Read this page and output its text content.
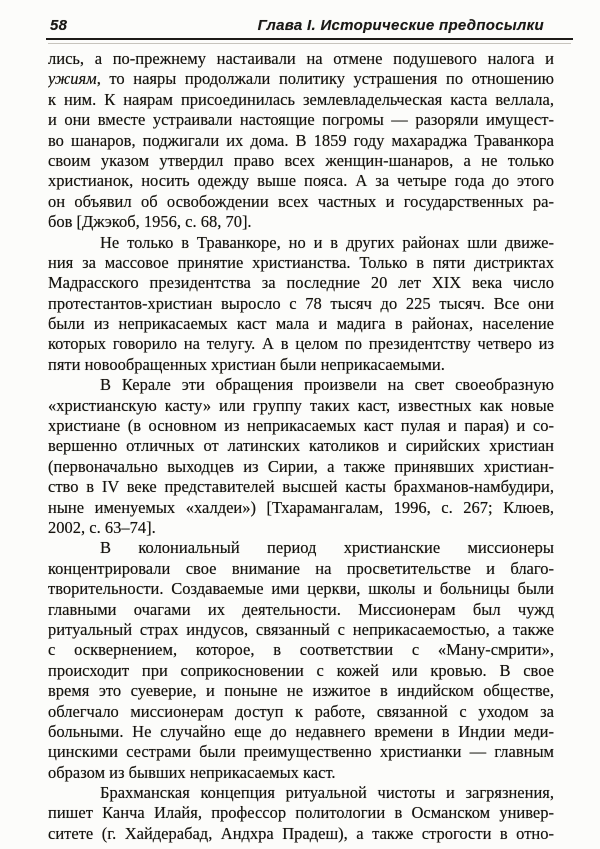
58	Глава I. Исторические предпосылки
лись, а по-прежнему настаивали на отмене подушевого налога и
ужиям, то наяры продолжали политику устрашения по отношению
к ним. К наярам присоединилась землевладельческая каста веллала,
и они вместе устраивали настоящие погромы — разоряли имущест-
во шанаров, поджигали их дома. В 1859 году махараджа Траванкора
своим указом утвердил право всех женщин-шанаров, а не только
христианок, носить одежду выше пояса. А за четыре года до этого
он объявил об освобождении всех частных и государственных ра-
бов [Джэкоб, 1956, с. 68, 70].
Не только в Траванкоре, но и в других районах шли движе-
ния за массовое принятие христианства. Только в пяти дистриктах
Мадрасского президентства за последние 20 лет XIX века число
протестантов-христиан выросло с 78 тысяч до 225 тысяч. Все они
были из неприкасаемых каст мала и мадига в районах, население
которых говорило на телугу. А в целом по президентству четверо из
пяти новообращенных христиан были неприкасаемыми.
В Керале эти обращения произвели на свет своеобразную
«христианскую касту» или группу таких каст, известных как новые
христиане (в основном из неприкасаемых каст пулая и парая) и со-
вершенно отличных от латинских католиков и сирийских христиан
(первоначально выходцев из Сирии, а также принявших христиан-
ство в IV веке представителей высшей касты брахманов-намбудири,
ныне именуемых «халдеи») [Тхарамангалам, 1996, с. 267; Клюев,
2002, с. 63–74].
В колониальный период христианские миссионеры
концентрировали свое внимание на просветительстве и благо-
творительности. Создаваемые ими церкви, школы и больницы были
главными очагами их деятельности. Миссионерам был чужд
ритуальный страх индусов, связанный с неприкасаемостью, а также
с осквернением, которое, в соответствии с «Ману-смрити»,
происходит при соприкосновении с кожей или кровью. В свое
время это суеверие, и поныне не изжитое в индийском обществе,
облегчало миссионерам доступ к работе, связанной с уходом за
больными. Не случайно еще до недавнего времени в Индии меди-
цинскими сестрами были преимущественно христианки — главным
образом из бывших неприкасаемых каст.
Брахманская концепция ритуальной чистоты и загрязнения,
пишет Канча Илайя, профессор политологии в Османском универ-
ситете (г. Хайдерабад, Андхра Прадеш), а также строгости в отно-
